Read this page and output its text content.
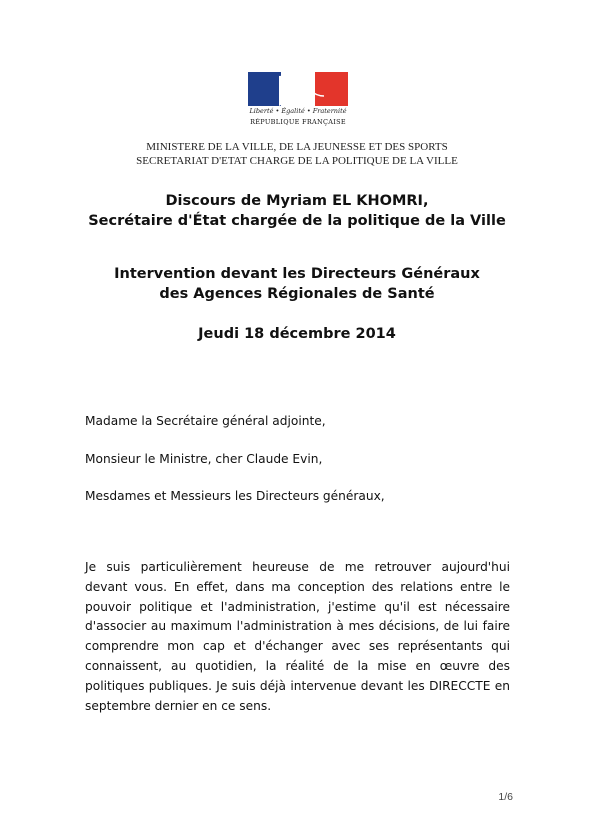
Liberté • Égalité • Fraternité
RÉPUBLIQUE FRANÇAISE
MINISTERE DE LA VILLE, DE LA JEUNESSE ET DES SPORTS
SECRETARIAT D'ETAT CHARGE DE LA POLITIQUE DE LA VILLE
Discours de Myriam EL KHOMRI,
Secrétaire d'État chargée de la politique de la Ville
Intervention devant les Directeurs Généraux
des Agences Régionales de Santé
Jeudi 18 décembre 2014
Madame la Secrétaire général adjointe,
Monsieur le Ministre, cher Claude Evin,
Mesdames et Messieurs les Directeurs généraux,
Je suis particulièrement heureuse de me retrouver aujourd'hui devant vous. En effet, dans ma conception des relations entre le pouvoir politique et l'administration, j'estime qu'il est nécessaire d'associer au maximum l'administration à mes décisions, de lui faire comprendre mon cap et d'échanger avec ses représentants qui connaissent, au quotidien, la réalité de la mise en œuvre des politiques publiques. Je suis déjà intervenue devant les DIRECCTE en septembre dernier en ce sens.
1/6
